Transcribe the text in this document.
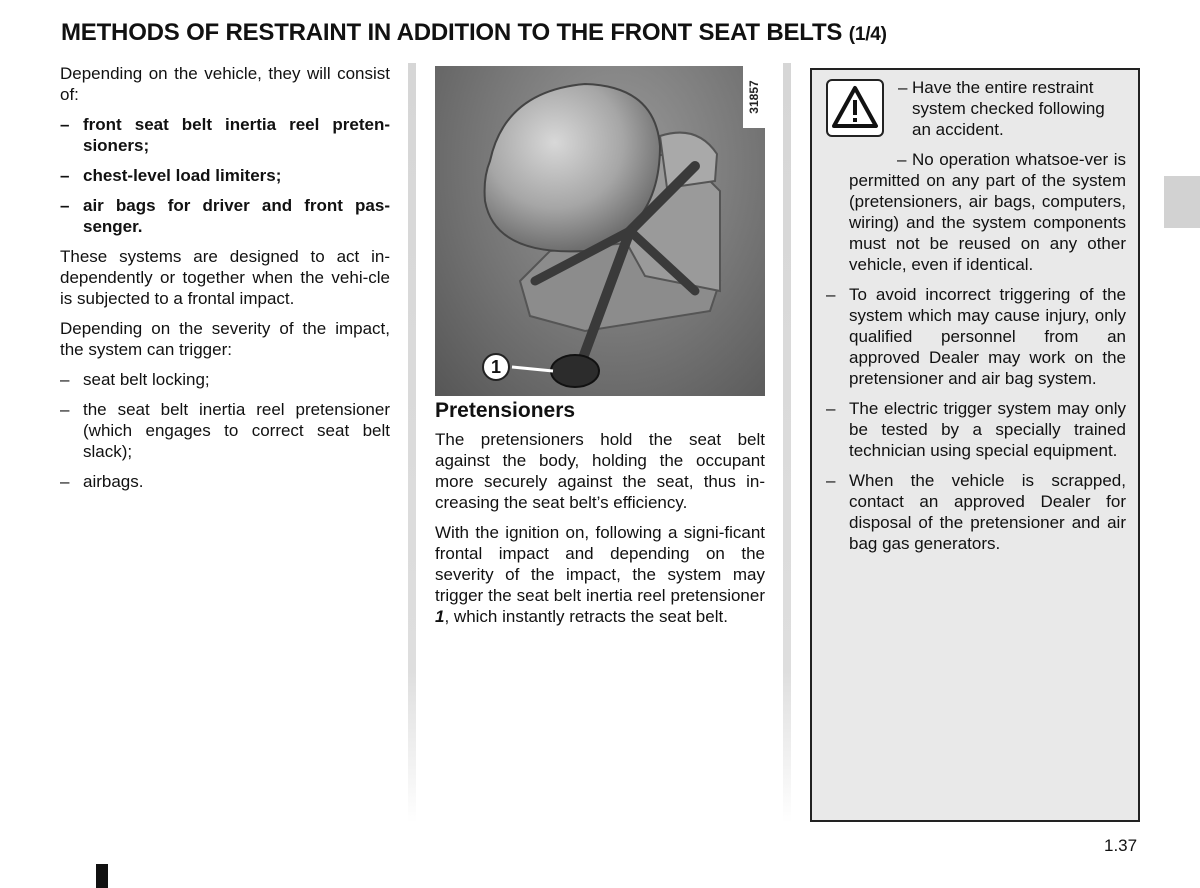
METHODS OF RESTRAINT IN ADDITION TO THE FRONT SEAT BELTS (1/4)

Depending on the vehicle, they will consist of:

– front seat belt inertia reel preten-sioners;
– chest-level load limiters;
– air bags for driver and front pas-senger.

These systems are designed to act in-dependently or together when the vehi-cle is subjected to a frontal impact.

Depending on the severity of the impact, the system can trigger:

– seat belt locking;
– the seat belt inertia reel pretensioner (which engages to correct seat belt slack);
– airbags.
31857
1
Pretensioners

The pretensioners hold the seat belt against the body, holding the occupant more securely against the seat, thus in-creasing the seat belt’s efficiency.

With the ignition on, following a signi-ficant frontal impact and depending on the severity of the impact, the system may trigger the seat belt inertia reel pretensioner 1, which instantly retracts the seat belt.

– Have the entire restraint system checked following an accident.

– No operation whatsoe-ver is permitted on any part of the system (pretensioners, air bags, computers, wiring) and the system components must not be reused on any other vehicle, even if identical.

– To avoid incorrect triggering of the system which may cause injury, only qualified personnel from an approved Dealer may work on the pretensioner and air bag system.
– The electric trigger system may only be tested by a specially trained technician using special equipment.
– When the vehicle is scrapped, contact an approved Dealer for disposal of the pretensioner and air bag gas generators.
1.37
